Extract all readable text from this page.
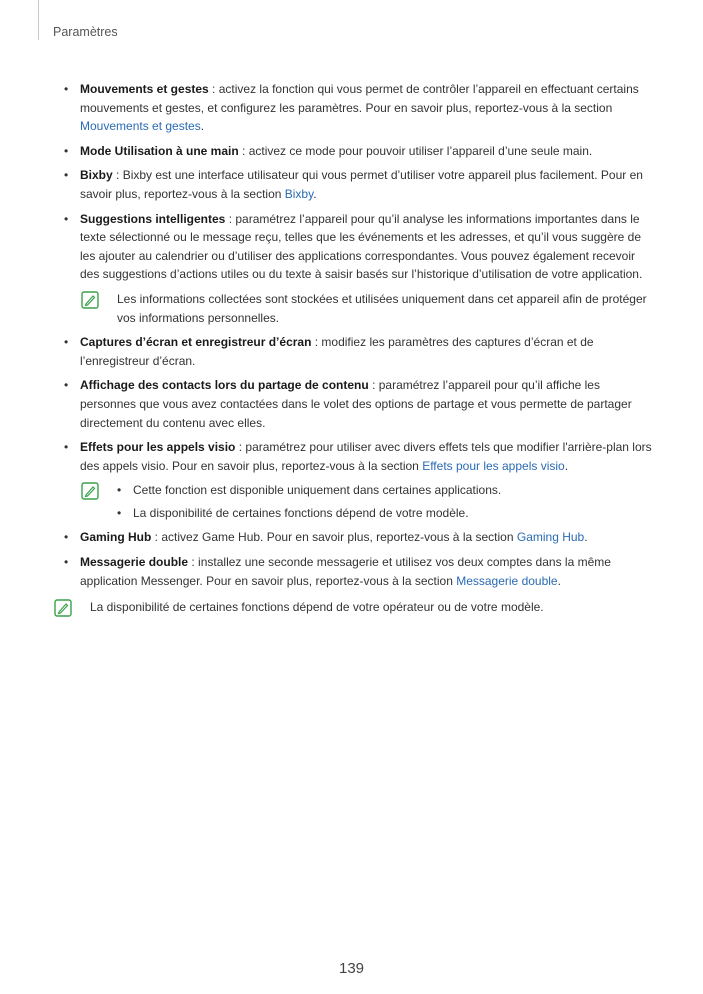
Paramètres
• Mouvements et gestes : activez la fonction qui vous permet de contrôler l’appareil en effectuant certains mouvements et gestes, et configurez les paramètres. Pour en savoir plus, reportez-vous à la section Mouvements et gestes.
• Mode Utilisation à une main : activez ce mode pour pouvoir utiliser l’appareil d’une seule main.
• Bixby : Bixby est une interface utilisateur qui vous permet d’utiliser votre appareil plus facilement. Pour en savoir plus, reportez-vous à la section Bixby.
• Suggestions intelligentes : paramétrez l’appareil pour qu’il analyse les informations importantes dans le texte sélectionné ou le message reçu, telles que les événements et les adresses, et qu’il vous suggère de les ajouter au calendrier ou d’utiliser des applications correspondantes. Vous pouvez également recevoir des suggestions d’actions utiles ou du texte à saisir basés sur l’historique d’utilisation de votre application.
Les informations collectées sont stockées et utilisées uniquement dans cet appareil afin de protéger vos informations personnelles.
• Captures d’écran et enregistreur d’écran : modifiez les paramètres des captures d’écran et de l’enregistreur d’écran.
• Affichage des contacts lors du partage de contenu : paramétrez l’appareil pour qu’il affiche les personnes que vous avez contactées dans le volet des options de partage et vous permette de partager directement du contenu avec elles.
• Effets pour les appels visio : paramétrez pour utiliser avec divers effets tels que modifier l'arrière-plan lors des appels visio. Pour en savoir plus, reportez-vous à la section Effets pour les appels visio.
• Cette fonction est disponible uniquement dans certaines applications.
• La disponibilité de certaines fonctions dépend de votre modèle.
• Gaming Hub : activez Game Hub. Pour en savoir plus, reportez-vous à la section Gaming Hub.
• Messagerie double : installez une seconde messagerie et utilisez vos deux comptes dans la même application Messenger. Pour en savoir plus, reportez-vous à la section Messagerie double.
La disponibilité de certaines fonctions dépend de votre opérateur ou de votre modèle.
139
